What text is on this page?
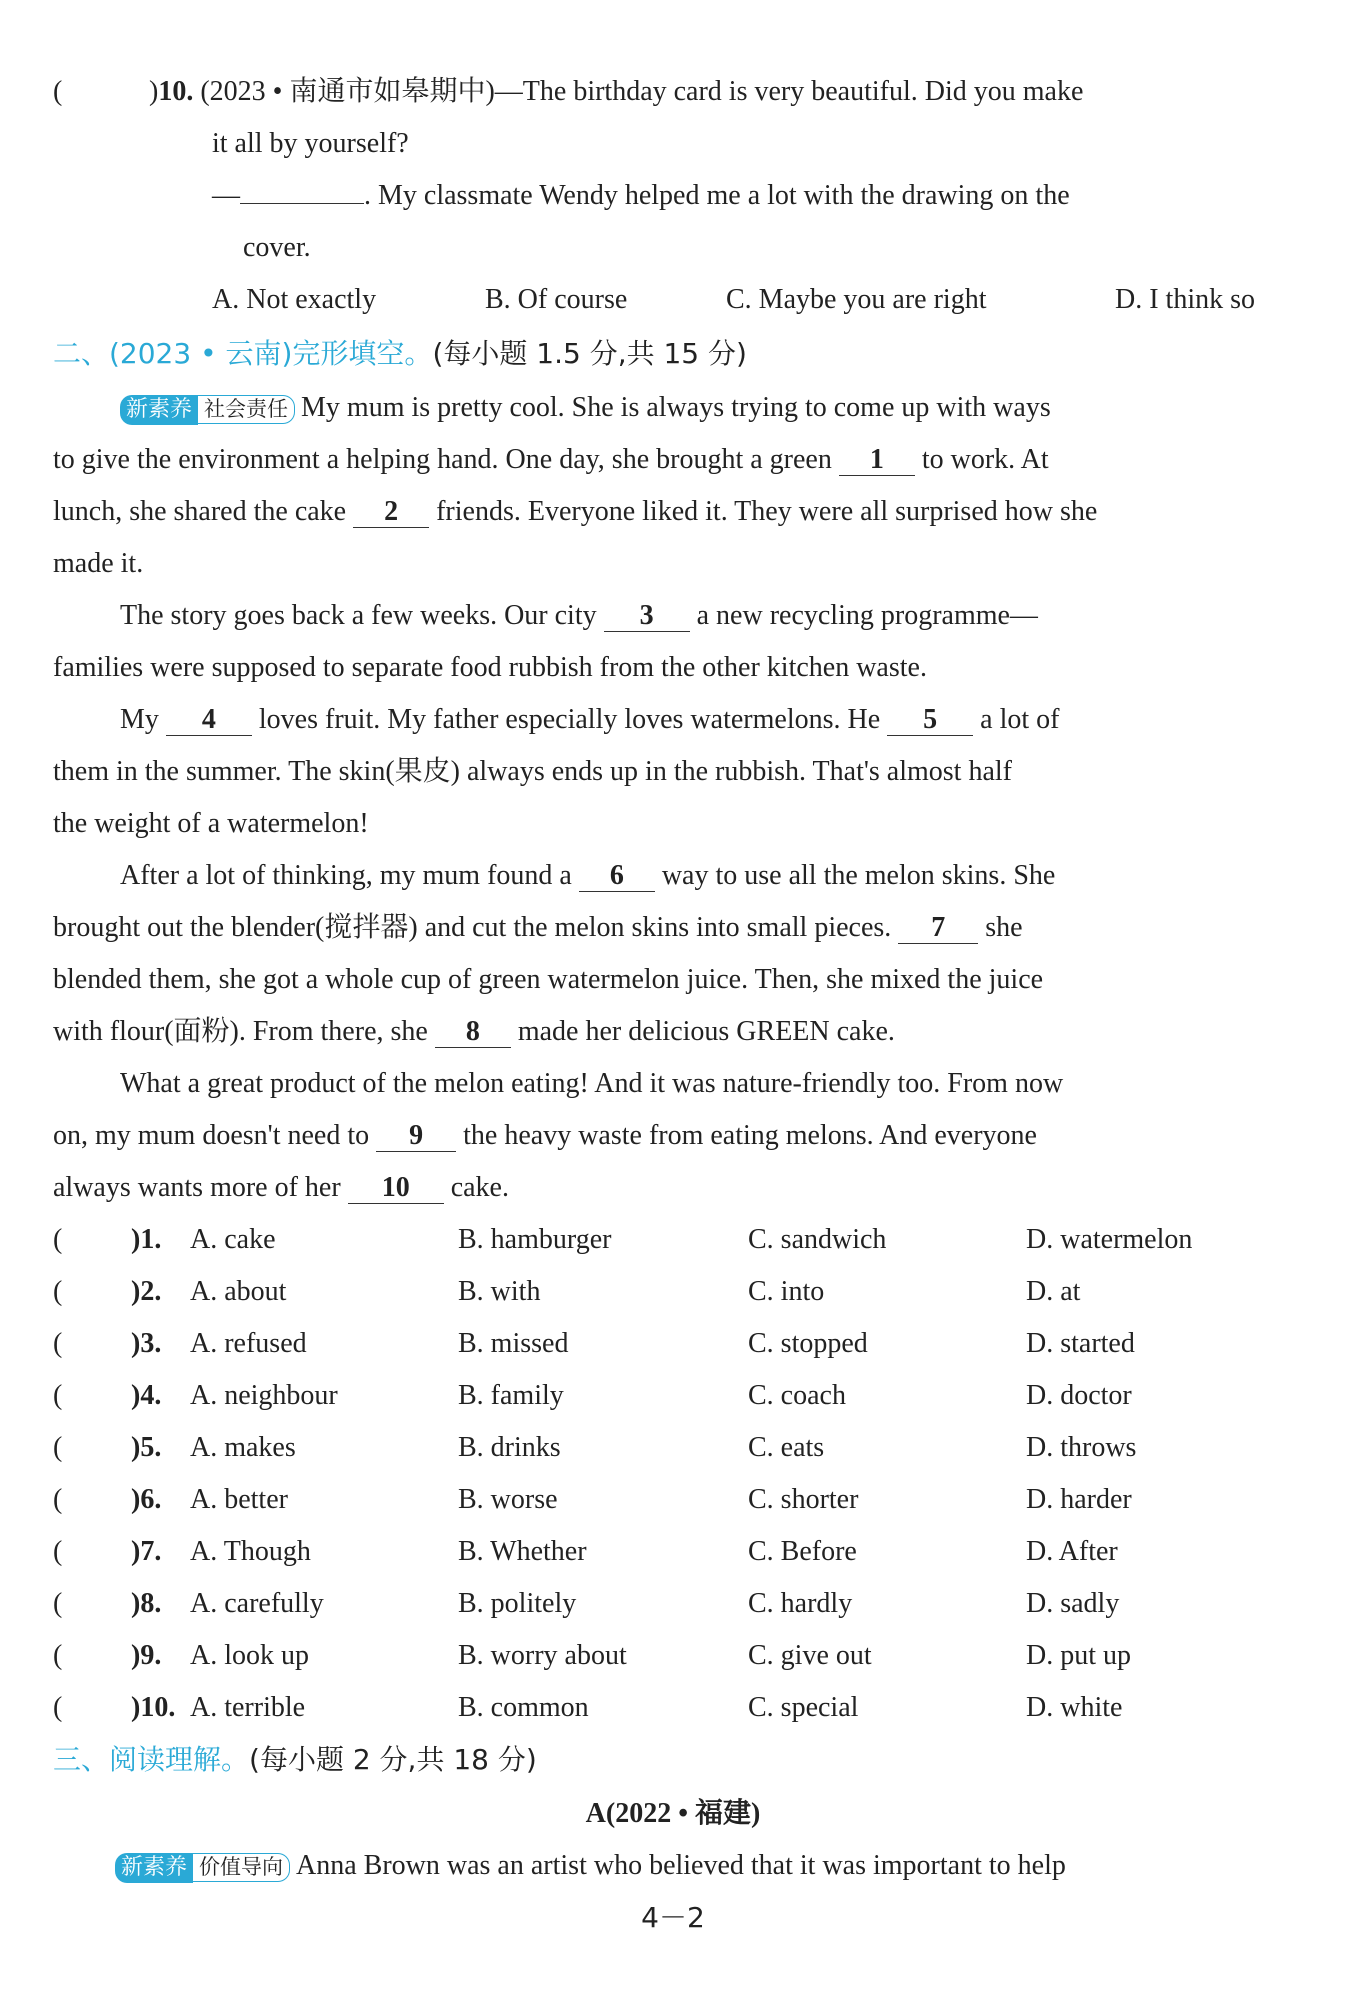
(	)10. (2023 • 南通市如皋期中)—The birthday card is very beautiful. Did you make
it all by yourself?
—	. My classmate Wendy helped me a lot with the drawing on the
cover.
A. Not exactly	B. Of course	C. Maybe you are right	D. I think so
二、(2023 • 云南)完形填空。(每小题 1.5 分,共 15 分)
新素养 社会责任 My mum is pretty cool. She is always trying to come up with ways
to give the environment a helping hand. One day, she brought a green 1 to work. At
lunch, she shared the cake 2 friends. Everyone liked it. They were all surprised how she
made it.
The story goes back a few weeks. Our city 3 a new recycling programme—
families were supposed to separate food rubbish from the other kitchen waste.
My 4 loves fruit. My father especially loves watermelons. He 5 a lot of
them in the summer. The skin(果皮) always ends up in the rubbish. That's almost half
the weight of a watermelon!
After a lot of thinking, my mum found a 6 way to use all the melon skins. She
brought out the blender(搅拌器) and cut the melon skins into small pieces. 7 she
blended them, she got a whole cup of green watermelon juice. Then, she mixed the juice
with flour(面粉). From there, she 8 made her delicious GREEN cake.
What a great product of the melon eating! And it was nature-friendly too. From now
on, my mum doesn't need to 9 the heavy waste from eating melons. And everyone
always wants more of her 10 cake.
( )1. A. cake	B. hamburger	C. sandwich	D. watermelon
( )2. A. about	B. with	C. into	D. at
( )3. A. refused	B. missed	C. stopped	D. started
( )4. A. neighbour	B. family	C. coach	D. doctor
( )5. A. makes	B. drinks	C. eats	D. throws
( )6. A. better	B. worse	C. shorter	D. harder
( )7. A. Though	B. Whether	C. Before	D. After
( )8. A. carefully	B. politely	C. hardly	D. sadly
( )9. A. look up	B. worry about	C. give out	D. put up
( )10. A. terrible	B. common	C. special	D. white
三、阅读理解。(每小题 2 分,共 18 分)
A(2022 • 福建)
新素养 价值导向 Anna Brown was an artist who believed that it was important to help
4－2
